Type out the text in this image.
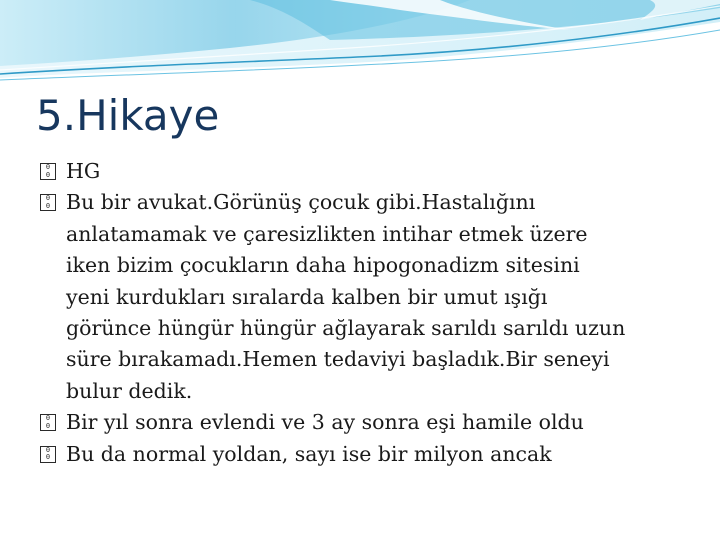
5.Hikaye
0
0 HG
0
0 Bu bir avukat.Görünüş çocuk gibi.Hastalığını
anlatamamak ve çaresizlikten intihar etmek üzere
iken bizim çocukların daha hipogonadizm sitesini
yeni kurdukları sıralarda kalben bir umut ışığı
görünce hüngür hüngür ağlayarak sarıldı sarıldı uzun
süre bırakamadı.Hemen tedaviyi başladık.Bir seneyi
bulur dedik.
0
0 Bir yıl sonra evlendi ve 3 ay sonra eşi hamile oldu
0
0 Bu da normal yoldan, sayı ise bir milyon ancak
